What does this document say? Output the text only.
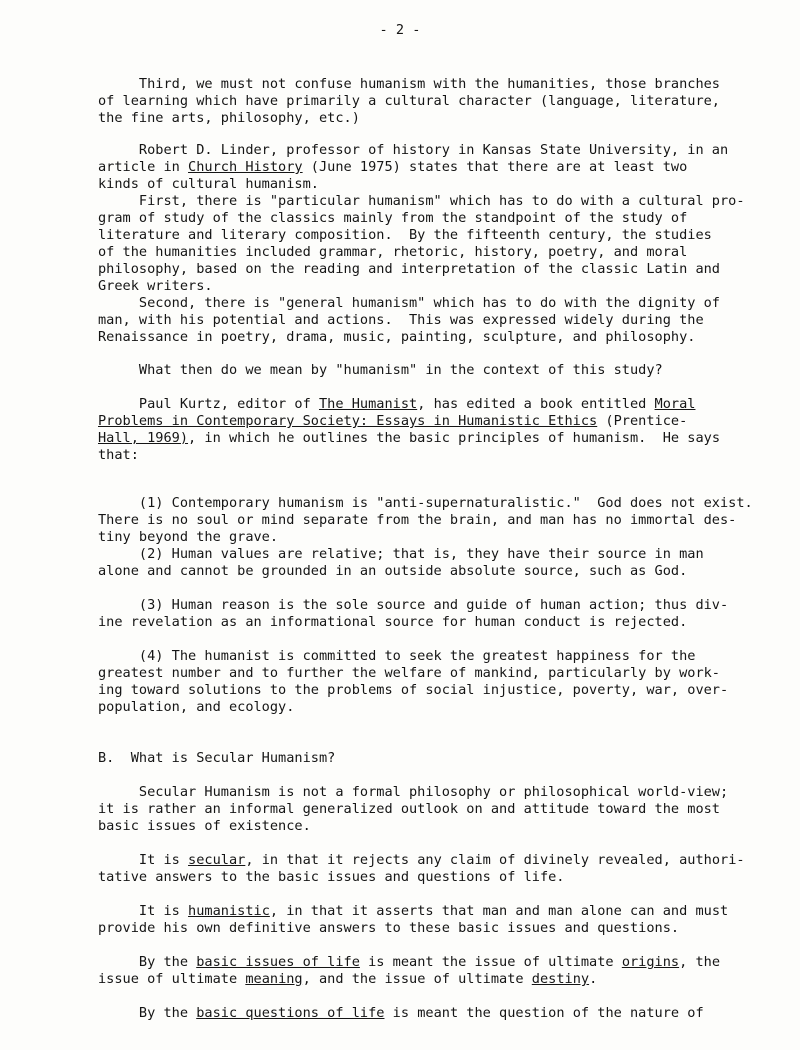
- 2 -
Third, we must not confuse humanism with the humanities, those branches
of learning which have primarily a cultural character (language, literature,
the fine arts, philosophy, etc.)
Robert D. Linder, professor of history in Kansas State University, in an
article in Church History (June 1975) states that there are at least two
kinds of cultural humanism.
First, there is "particular humanism" which has to do with a cultural pro-
gram of study of the classics mainly from the standpoint of the study of
literature and literary composition.  By the fifteenth century, the studies
of the humanities included grammar, rhetoric, history, poetry, and moral
philosophy, based on the reading and interpretation of the classic Latin and
Greek writers.
Second, there is "general humanism" which has to do with the dignity of
man, with his potential and actions.  This was expressed widely during the
Renaissance in poetry, drama, music, painting, sculpture, and philosophy.
What then do we mean by "humanism" in the context of this study?
Paul Kurtz, editor of The Humanist, has edited a book entitled Moral
Problems in Contemporary Society: Essays in Humanistic Ethics (Prentice-
Hall, 1969), in which he outlines the basic principles of humanism.  He says
that:
(1) Contemporary humanism is "anti-supernaturalistic."  God does not exist.
There is no soul or mind separate from the brain, and man has no immortal des-
tiny beyond the grave.
(2) Human values are relative; that is, they have their source in man
alone and cannot be grounded in an outside absolute source, such as God.
(3) Human reason is the sole source and guide of human action; thus div-
ine revelation as an informational source for human conduct is rejected.
(4) The humanist is committed to seek the greatest happiness for the
greatest number and to further the welfare of mankind, particularly by work-
ing toward solutions to the problems of social injustice, poverty, war, over-
population, and ecology.
B.  What is Secular Humanism?
Secular Humanism is not a formal philosophy or philosophical world-view;
it is rather an informal generalized outlook on and attitude toward the most
basic issues of existence.
It is secular, in that it rejects any claim of divinely revealed, authori-
tative answers to the basic issues and questions of life.
It is humanistic, in that it asserts that man and man alone can and must
provide his own definitive answers to these basic issues and questions.
By the basic issues of life is meant the issue of ultimate origins, the
issue of ultimate meaning, and the issue of ultimate destiny.
By the basic questions of life is meant the question of the nature of
